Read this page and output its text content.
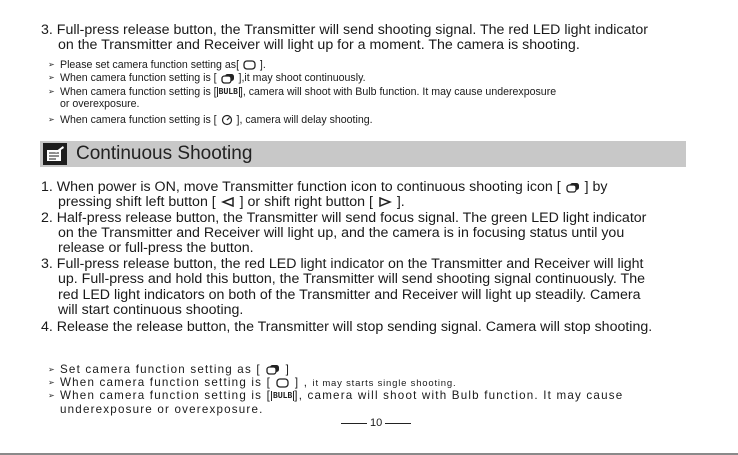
3. Full-press release button, the Transmitter will send shooting signal. The red LED light indicator
on the Transmitter and Receiver will light up for a moment. The camera is shooting.
➢ Please set camera function setting as[ ].
➢ When camera function setting is [ ],it may shoot continuously.
➢ When camera function setting is [ BULB ], camera will shoot with Bulb function. It may cause underexposure
or overexposure.
➢ When camera function setting is [ ], camera will delay shooting.
Continuous Shooting
1. When power is ON, move Transmitter function icon to continuous shooting icon [ ] by
pressing shift left button [ ] or shift right button [ ].
2. Half-press release button, the Transmitter will send focus signal. The green LED light indicator
on the Transmitter and Receiver will light up, and the camera is in focusing status until you
release or full-press the button.
3. Full-press release button, the red LED light indicator on the Transmitter and Receiver will light
up. Full-press and hold this button, the Transmitter will send shooting signal continuously. The
red LED light indicators on both of the Transmitter and Receiver will light up steadily. Camera
will start continuous shooting.
4. Release the release button, the Transmitter will stop sending signal. Camera will stop shooting.
➢ Set camera function setting as [ ]
➢ When camera function setting is [ ] , it may starts single shooting.
➢ When camera function setting is [ BULB ], camera will shoot with Bulb function. It may cause
underexposure or overexposure.
10
